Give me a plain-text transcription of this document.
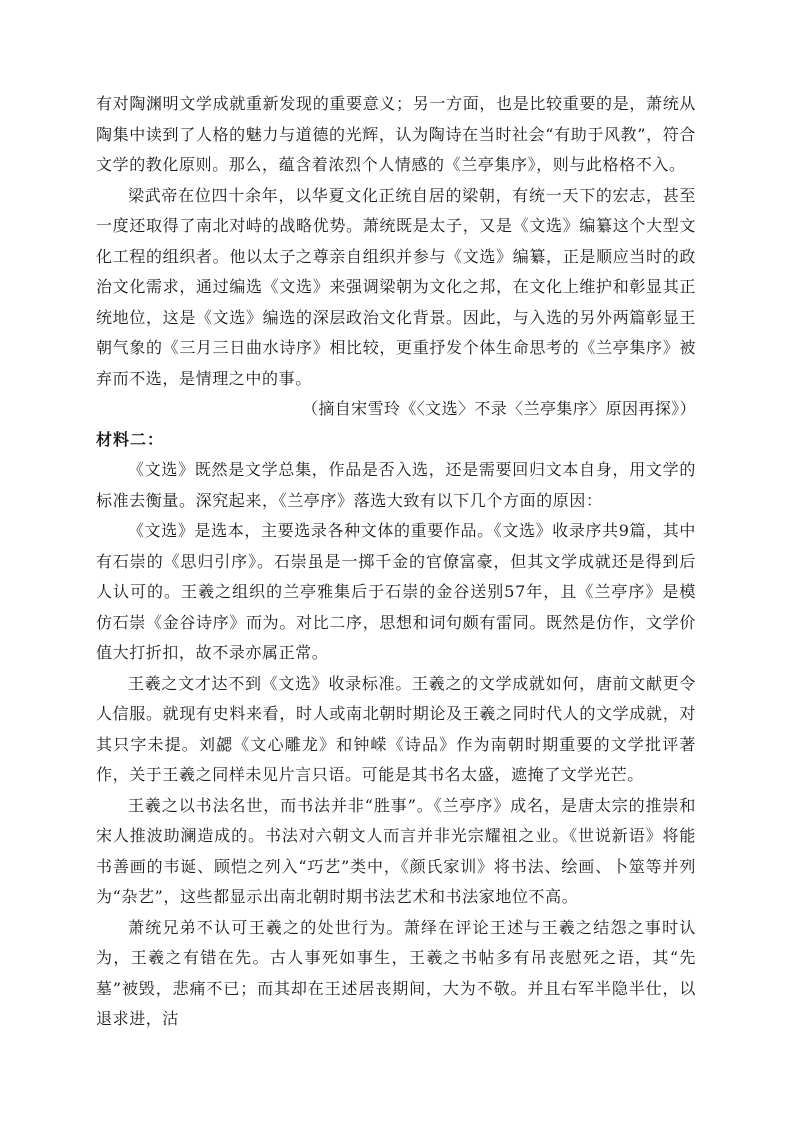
有对陶渊明文学成就重新发现的重要意义；另一方面，也是比较重要的是，萧统从陶集中读到了人格的魅力与道德的光辉，认为陶诗在当时社会“有助于风教”，符合文学的教化原则。那么，蕴含着浓烈个人情感的《兰亭集序》，则与此格格不入。

梁武帝在位四十余年，以华夏文化正统自居的梁朝，有统一天下的宏志，甚至一度还取得了南北对峙的战略优势。萧统既是太子，又是《文选》编纂这个大型文化工程的组织者。他以太子之尊亲自组织并参与《文选》编纂，正是顺应当时的政治文化需求，通过编选《文选》来强调梁朝为文化之邦，在文化上维护和彰显其正统地位，这是《文选》编选的深层政治文化背景。因此，与入选的另外两篇彰显王朝气象的《三月三日曲水诗序》相比较，更重抒发个体生命思考的《兰亭集序》被弃而不选，是情理之中的事。

（摘自宋雪玲《〈文选〉不录〈兰亭集序〉原因再探》）

材料二：

《文选》既然是文学总集，作品是否入选，还是需要回归文本自身，用文学的标准去衡量。深究起来，《兰亭序》落选大致有以下几个方面的原因：

《文选》是选本，主要选录各种文体的重要作品。《文选》收录序共9篇，其中有石崇的《思归引序》。石崇虽是一掷千金的官僚富豪，但其文学成就还是得到后人认可的。王羲之组织的兰亭雅集后于石崇的金谷送别57年，且《兰亭序》是模仿石崇《金谷诗序》而为。对比二序，思想和词句颇有雷同。既然是仿作，文学价值大打折扣，故不录亦属正常。

王羲之文才达不到《文选》收录标准。王羲之的文学成就如何，唐前文献更令人信服。就现有史料来看，时人或南北朝时期论及王羲之同时代人的文学成就，对其只字未提。刘勰《文心雕龙》和钟嵘《诗品》作为南朝时期重要的文学批评著作，关于王羲之同样未见片言只语。可能是其书名太盛，遮掩了文学光芒。

王羲之以书法名世，而书法并非“胜事”。《兰亭序》成名，是唐太宗的推崇和宋人推波助澜造成的。书法对六朝文人而言并非光宗耀祖之业。《世说新语》将能书善画的韦诞、顾恺之列入“巧艺”类中，《颜氏家训》将书法、绘画、卜筮等并列为“杂艺”，这些都显示出南北朝时期书法艺术和书法家地位不高。

萧统兄弟不认可王羲之的处世行为。萧绎在评论王述与王羲之结怨之事时认为，王羲之有错在先。古人事死如事生，王羲之书帖多有吊丧慰死之语，其“先墓”被毁，悲痛不已；而其却在王述居丧期间，大为不敬。并且右军半隐半仕，以退求进，沽
